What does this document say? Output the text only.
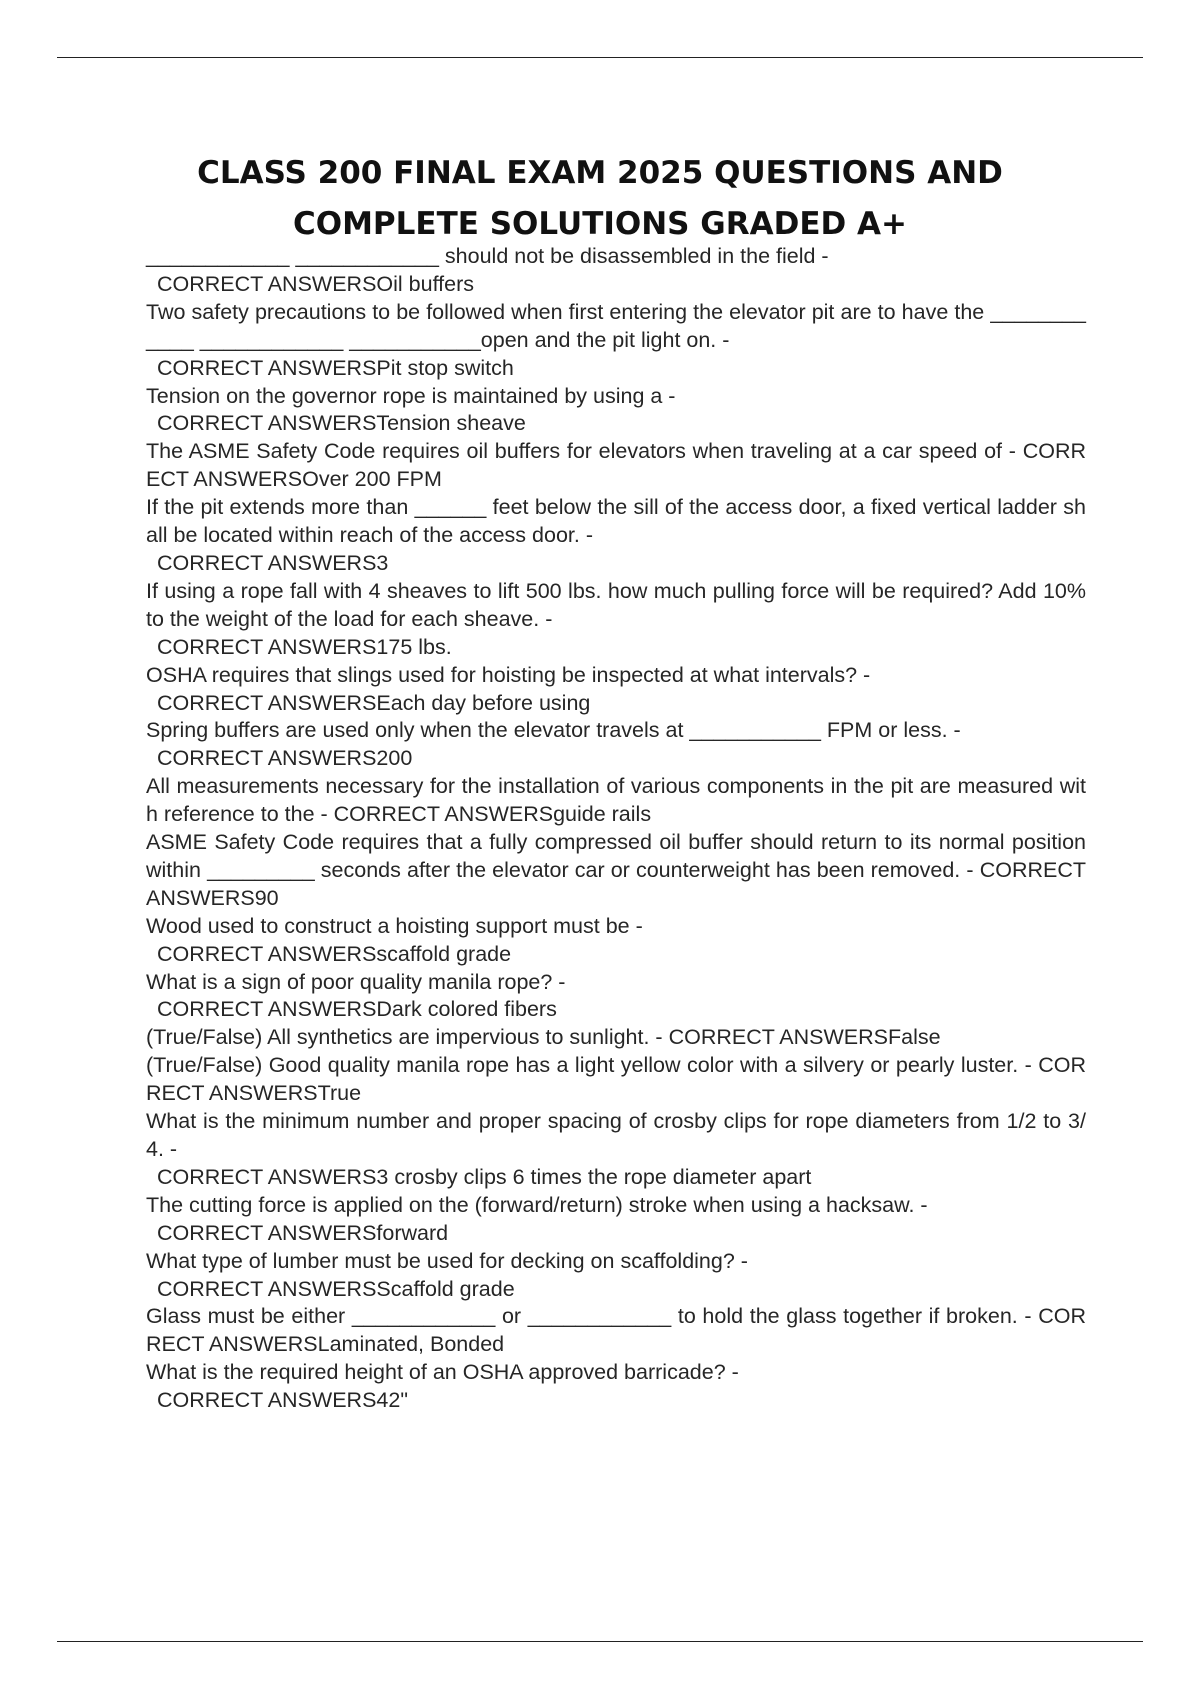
CLASS 200 FINAL EXAM 2025 QUESTIONS AND
COMPLETE SOLUTIONS GRADED A+

____________ ____________ should not be disassembled in the field -
CORRECT ANSWERSOil buffers

Two safety precautions to be followed when first entering the elevator pit are to have the ____________ ____________ ___________open and the pit light on. -
CORRECT ANSWERSPit stop switch

Tension on the governor rope is maintained by using a -
CORRECT ANSWERSTension sheave

The ASME Safety Code requires oil buffers for elevators when traveling at a car speed of - CORRECT ANSWERSOver 200 FPM

If the pit extends more than ______ feet below the sill of the access door, a fixed vertical ladder shall be located within reach of the access door. -
CORRECT ANSWERS3

If using a rope fall with 4 sheaves to lift 500 lbs. how much pulling force will be required? Add 10% to the weight of the load for each sheave. -
CORRECT ANSWERS175 lbs.

OSHA requires that slings used for hoisting be inspected at what intervals? -
CORRECT ANSWERSEach day before using

Spring buffers are used only when the elevator travels at ___________ FPM or less. -
CORRECT ANSWERS200

All measurements necessary for the installation of various components in the pit are measured with reference to the - CORRECT ANSWERSguide rails

ASME Safety Code requires that a fully compressed oil buffer should return to its normal position within _________ seconds after the elevator car or counterweight has been removed. - CORRECT ANSWERS90

Wood used to construct a hoisting support must be -
CORRECT ANSWERSscaffold grade

What is a sign of poor quality manila rope? -
CORRECT ANSWERSDark colored fibers

(True/False) All synthetics are impervious to sunlight. - CORRECT ANSWERSFalse

(True/False) Good quality manila rope has a light yellow color with a silvery or pearly luster. - CORRECT ANSWERSTrue

What is the minimum number and proper spacing of crosby clips for rope diameters from 1/2 to 3/4. -
CORRECT ANSWERS3 crosby clips 6 times the rope diameter apart

The cutting force is applied on the (forward/return) stroke when using a hacksaw. -
CORRECT ANSWERSforward

What type of lumber must be used for decking on scaffolding? -
CORRECT ANSWERSScaffold grade

Glass must be either ____________ or ____________ to hold the glass together if broken. - CORRECT ANSWERSLaminated, Bonded

What is the required height of an OSHA approved barricade? -
CORRECT ANSWERS42"
